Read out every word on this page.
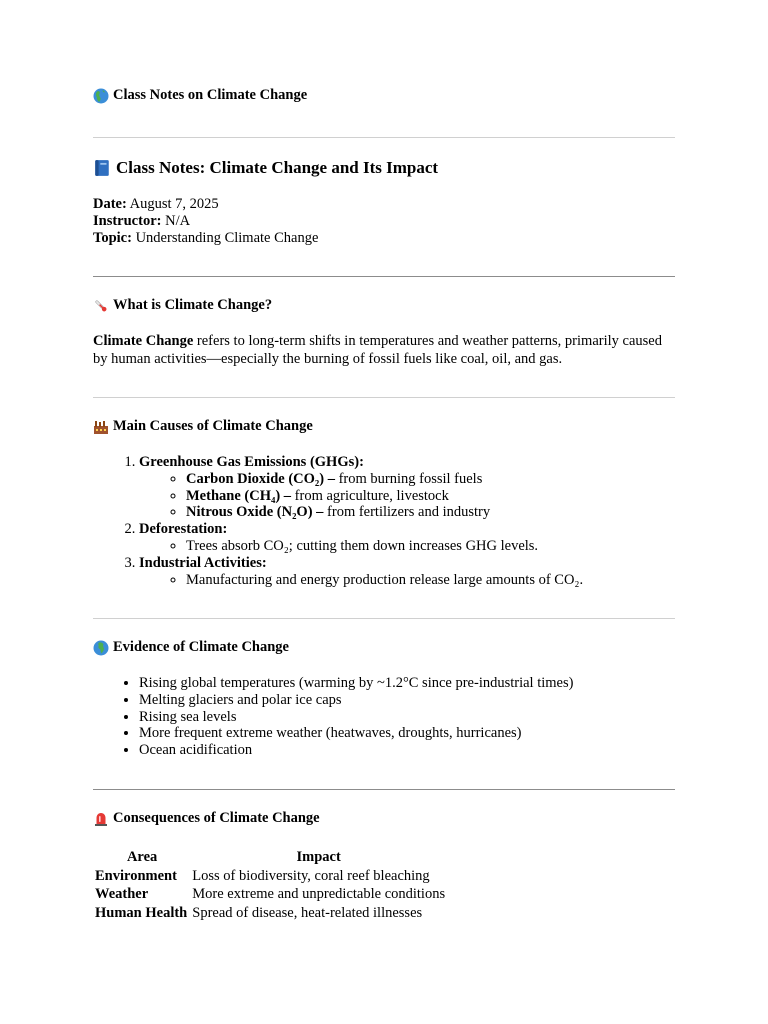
Class Notes on Climate Change
Class Notes: Climate Change and Its Impact
Date: August 7, 2025
Instructor: N/A
Topic: Understanding Climate Change
What is Climate Change?
Climate Change refers to long-term shifts in temperatures and weather patterns, primarily caused by human activities—especially the burning of fossil fuels like coal, oil, and gas.
Main Causes of Climate Change
1. Greenhouse Gas Emissions (GHGs):
◦ Carbon Dioxide (CO₂) – from burning fossil fuels
◦ Methane (CH₄) – from agriculture, livestock
◦ Nitrous Oxide (N₂O) – from fertilizers and industry
2. Deforestation:
◦ Trees absorb CO₂; cutting them down increases GHG levels.
3. Industrial Activities:
◦ Manufacturing and energy production release large amounts of CO₂.
Evidence of Climate Change
• Rising global temperatures (warming by ~1.2°C since pre-industrial times)
• Melting glaciers and polar ice caps
• Rising sea levels
• More frequent extreme weather (heatwaves, droughts, hurricanes)
• Ocean acidification
Consequences of Climate Change
Area	Impact
Environment	Loss of biodiversity, coral reef bleaching
Weather	More extreme and unpredictable conditions
Human Health	Spread of disease, heat-related illnesses
